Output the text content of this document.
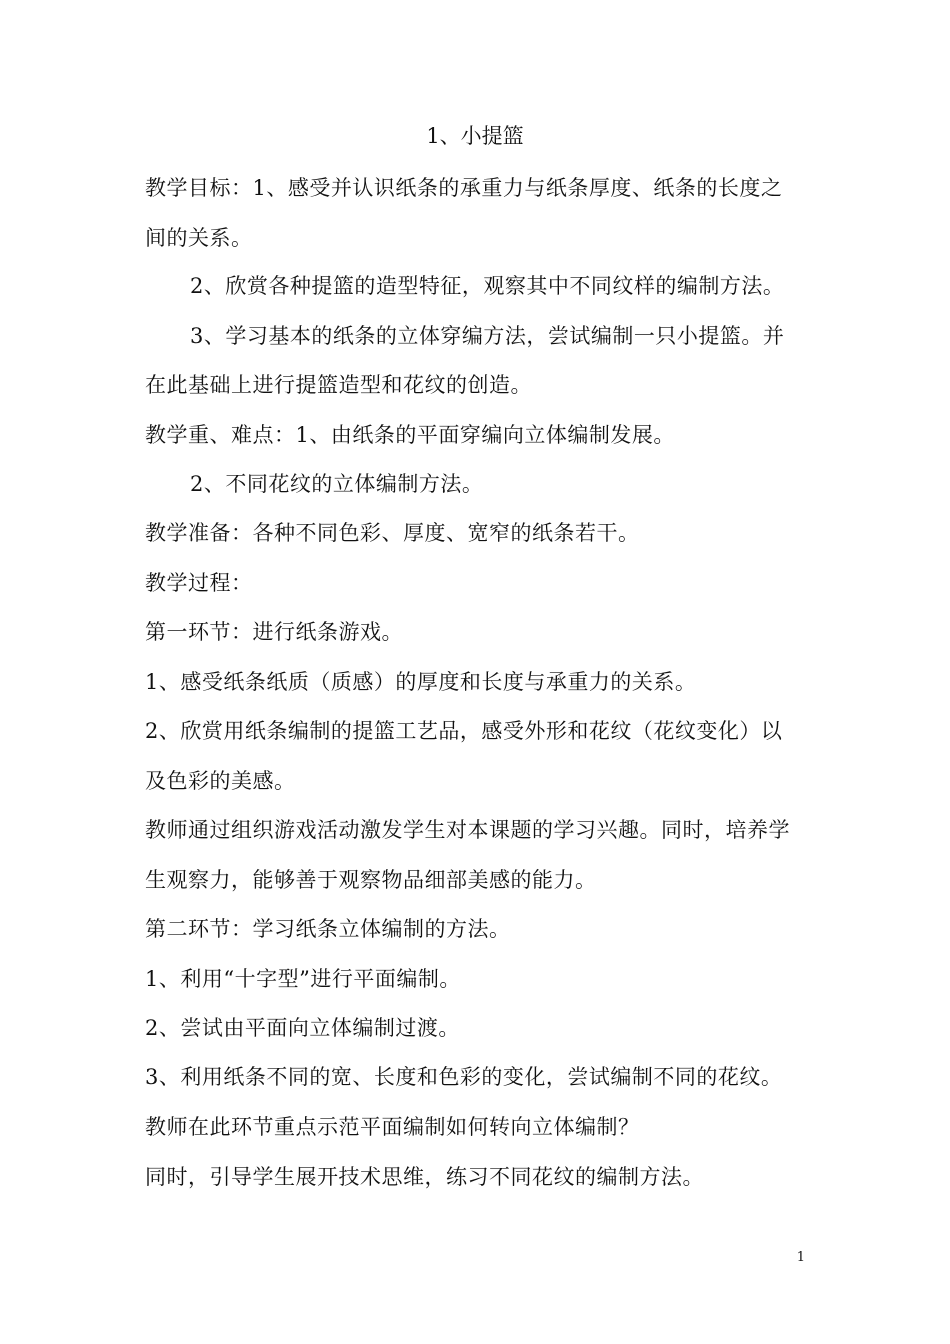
1、小提篮
教学目标：1、感受并认识纸条的承重力与纸条厚度、纸条的长度之
间的关系。
2、欣赏各种提篮的造型特征，观察其中不同纹样的编制方法。
3、学习基本的纸条的立体穿编方法，尝试编制一只小提篮。并
在此基础上进行提篮造型和花纹的创造。
教学重、难点：1、由纸条的平面穿编向立体编制发展。
2、不同花纹的立体编制方法。
教学准备：各种不同色彩、厚度、宽窄的纸条若干。
教学过程：
第一环节：进行纸条游戏。
1、感受纸条纸质（质感）的厚度和长度与承重力的关系。
2、欣赏用纸条编制的提篮工艺品，感受外形和花纹（花纹变化）以
及色彩的美感。
教师通过组织游戏活动激发学生对本课题的学习兴趣。同时，培养学
生观察力，能够善于观察物品细部美感的能力。
第二环节：学习纸条立体编制的方法。
1、利用“十字型”进行平面编制。
2、尝试由平面向立体编制过渡。
3、利用纸条不同的宽、长度和色彩的变化，尝试编制不同的花纹。
教师在此环节重点示范平面编制如何转向立体编制？
同时，引导学生展开技术思维，练习不同花纹的编制方法。
1
